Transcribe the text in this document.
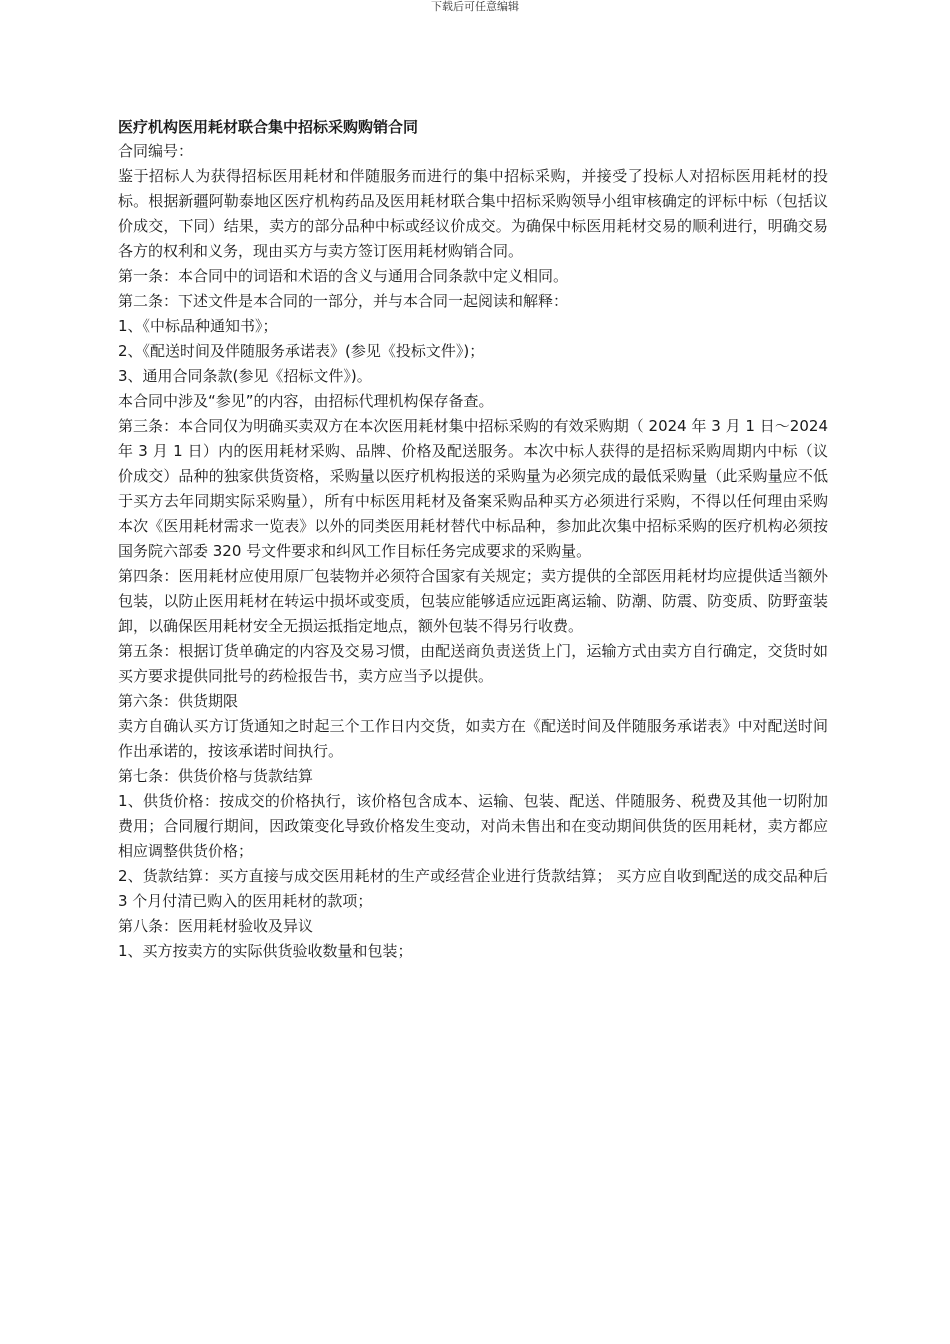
下载后可任意编辑
医疗机构医用耗材联合集中招标采购购销合同

合同编号：

鉴于招标人为获得招标医用耗材和伴随服务而进行的集中招标采购，并接受了投标人对招标医用耗材的投标。根据新疆阿勒泰地区医疗机构药品及医用耗材联合集中招标采购领导小组审核确定的评标中标（包括议价成交，下同）结果，卖方的部分品种中标或经议价成交。为确保中标医用耗材交易的顺利进行，明确交易各方的权利和义务，现由买方与卖方签订医用耗材购销合同。

第一条：本合同中的词语和术语的含义与通用合同条款中定义相同。

第二条：下述文件是本合同的一部分，并与本合同一起阅读和解释：

1、《中标品种通知书》；

2、《配送时间及伴随服务承诺表》(参见《投标文件》)；

3、通用合同条款(参见《招标文件》)。

本合同中涉及“参见”的内容，由招标代理机构保存备查。

第三条：本合同仅为明确买卖双方在本次医用耗材集中招标采购的有效采购期（ 2024 年 3 月 1 日～2024 年 3 月 1 日）内的医用耗材采购、品牌、价格及配送服务。本次中标人获得的是招标采购周期内中标（议价成交）品种的独家供货资格，采购量以医疗机构报送的采购量为必须完成的最低采购量（此采购量应不低于买方去年同期实际采购量），所有中标医用耗材及备案采购品种买方必须进行采购，不得以任何理由采购本次《医用耗材需求一览表》以外的同类医用耗材替代中标品种，参加此次集中招标采购的医疗机构必须按国务院六部委 320 号文件要求和纠风工作目标任务完成要求的采购量。

第四条：医用耗材应使用原厂包装物并必须符合国家有关规定；卖方提供的全部医用耗材均应提供适当额外包装，以防止医用耗材在转运中损坏或变质，包装应能够适应远距离运输、防潮、防震、防变质、防野蛮装卸，以确保医用耗材安全无损运抵指定地点，额外包装不得另行收费。

第五条：根据订货单确定的内容及交易习惯，由配送商负责送货上门，运输方式由卖方自行确定，交货时如买方要求提供同批号的药检报告书，卖方应当予以提供。

第六条：供货期限

卖方自确认买方订货通知之时起三个工作日内交货，如卖方在《配送时间及伴随服务承诺表》中对配送时间作出承诺的，按该承诺时间执行。

第七条：供货价格与货款结算

1、供货价格：按成交的价格执行，该价格包含成本、运输、包装、配送、伴随服务、税费及其他一切附加费用；合同履行期间，因政策变化导致价格发生变动，对尚未售出和在变动期间供货的医用耗材，卖方都应相应调整供货价格；

2、货款结算：买方直接与成交医用耗材的生产或经营企业进行货款结算； 买方应自收到配送的成交品种后 3 个月付清已购入的医用耗材的款项；

第八条：医用耗材验收及异议

1、买方按卖方的实际供货验收数量和包装；
